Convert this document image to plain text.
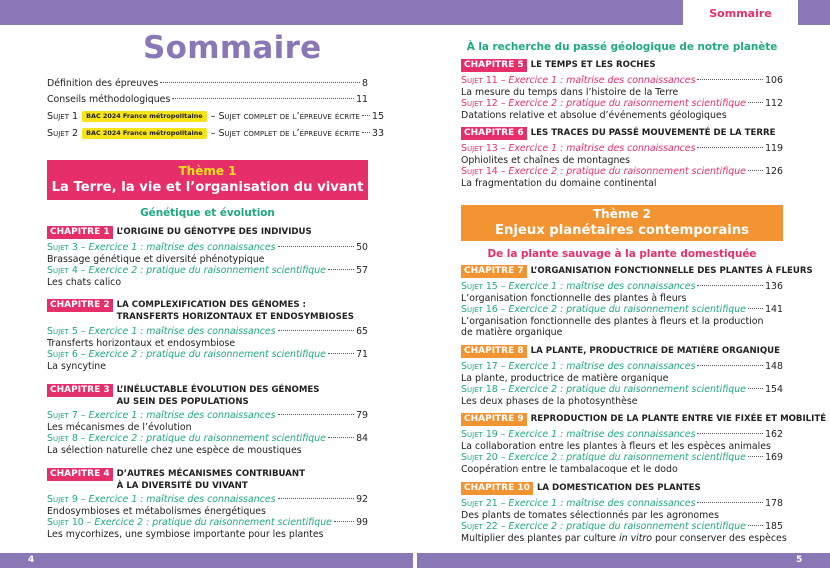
Sommaire
4	5
Sommaire
Définition des épreuves	8
Conseils méthodologiques	11
Sujet 1 BAC 2024 France métropolitaine – Sujet complet de l’épreuve écrite 15
Sujet 2 BAC 2024 France métropolitaine – Sujet complet de l’épreuve écrite 33
Thème 1
La Terre, la vie et l’organisation du vivant
Génétique et évolution
CHAPITRE 1 L’ORIGINE DU GÉNOTYPE DES INDIVIDUS
Sujet 3 – Exercice 1 : maîtrise des connaissances	50
Brassage génétique et diversité phénotypique
Sujet 4 – Exercice 2 : pratique du raisonnement scientifique	57
Les chats calico
CHAPITRE 2 LA COMPLEXIFICATION DES GÉNOMES :
TRANSFERTS HORIZONTAUX ET ENDOSYMBIOSES
Sujet 5 – Exercice 1 : maîtrise des connaissances	65
Transferts horizontaux et endosymbiose
Sujet 6 – Exercice 2 : pratique du raisonnement scientifique	71
La syncytine
CHAPITRE 3 L’INÉLUCTABLE ÉVOLUTION DES GÉNOMES
AU SEIN DES POPULATIONS
Sujet 7 – Exercice 1 : maîtrise des connaissances	79
Les mécanismes de l’évolution
Sujet 8 – Exercice 2 : pratique du raisonnement scientifique	84
La sélection naturelle chez une espèce de moustiques
CHAPITRE 4 D’AUTRES MÉCANISMES CONTRIBUANT
À LA DIVERSITÉ DU VIVANT
Sujet 9 – Exercice 1 : maîtrise des connaissances	92
Endosymbioses et métabolismes énergétiques
Sujet 10 – Exercice 2 : pratique du raisonnement scientifique	99
Les mycorhizes, une symbiose importante pour les plantes
À la recherche du passé géologique de notre planète
CHAPITRE 5 LE TEMPS ET LES ROCHES
Sujet 11 – Exercice 1 : maîtrise des connaissances	106
La mesure du temps dans l’histoire de la Terre
Sujet 12 – Exercice 2 : pratique du raisonnement scientifique 112
Datations relative et absolue d’événements géologiques
CHAPITRE 6 LES TRACES DU PASSÉ MOUVEMENTÉ DE LA TERRE
Sujet 13 – Exercice 1 : maîtrise des connaissances	119
Ophiolites et chaînes de montagnes
Sujet 14 – Exercice 2 : pratique du raisonnement scientifique 126
La fragmentation du domaine continental
Thème 2
Enjeux planétaires contemporains
De la plante sauvage à la plante domestiquée
CHAPITRE 7 L’ORGANISATION FONCTIONNELLE DES PLANTES À FLEURS
Sujet 15 – Exercice 1 : maîtrise des connaissances	136
L’organisation fonctionnelle des plantes à fleurs
Sujet 16 – Exercice 2 : pratique du raisonnement scientifique 141
L’organisation fonctionnelle des plantes à fleurs et la production
de matière organique
CHAPITRE 8 LA PLANTE, PRODUCTRICE DE MATIÈRE ORGANIQUE
Sujet 17 – Exercice 1 : maîtrise des connaissances	148
La plante, productrice de matière organique
Sujet 18 – Exercice 2 : pratique du raisonnement scientifique 154
Les deux phases de la photosynthèse
CHAPITRE 9 REPRODUCTION DE LA PLANTE ENTRE VIE FIXÉE ET MOBILITÉ
Sujet 19 – Exercice 1 : maîtrise des connaissances	162
La collaboration entre les plantes à fleurs et les espèces animales
Sujet 20 – Exercice 2 : pratique du raisonnement scientifique 169
Coopération entre le tambalacoque et le dodo
CHAPITRE 10 LA DOMESTICATION DES PLANTES
Sujet 21 – Exercice 1 : maîtrise des connaissances	178
Des plants de tomates sélectionnés par les agronomes
Sujet 22 – Exercice 2 : pratique du raisonnement scientifique 185
Multiplier des plantes par culture in vitro pour conserver des espèces
